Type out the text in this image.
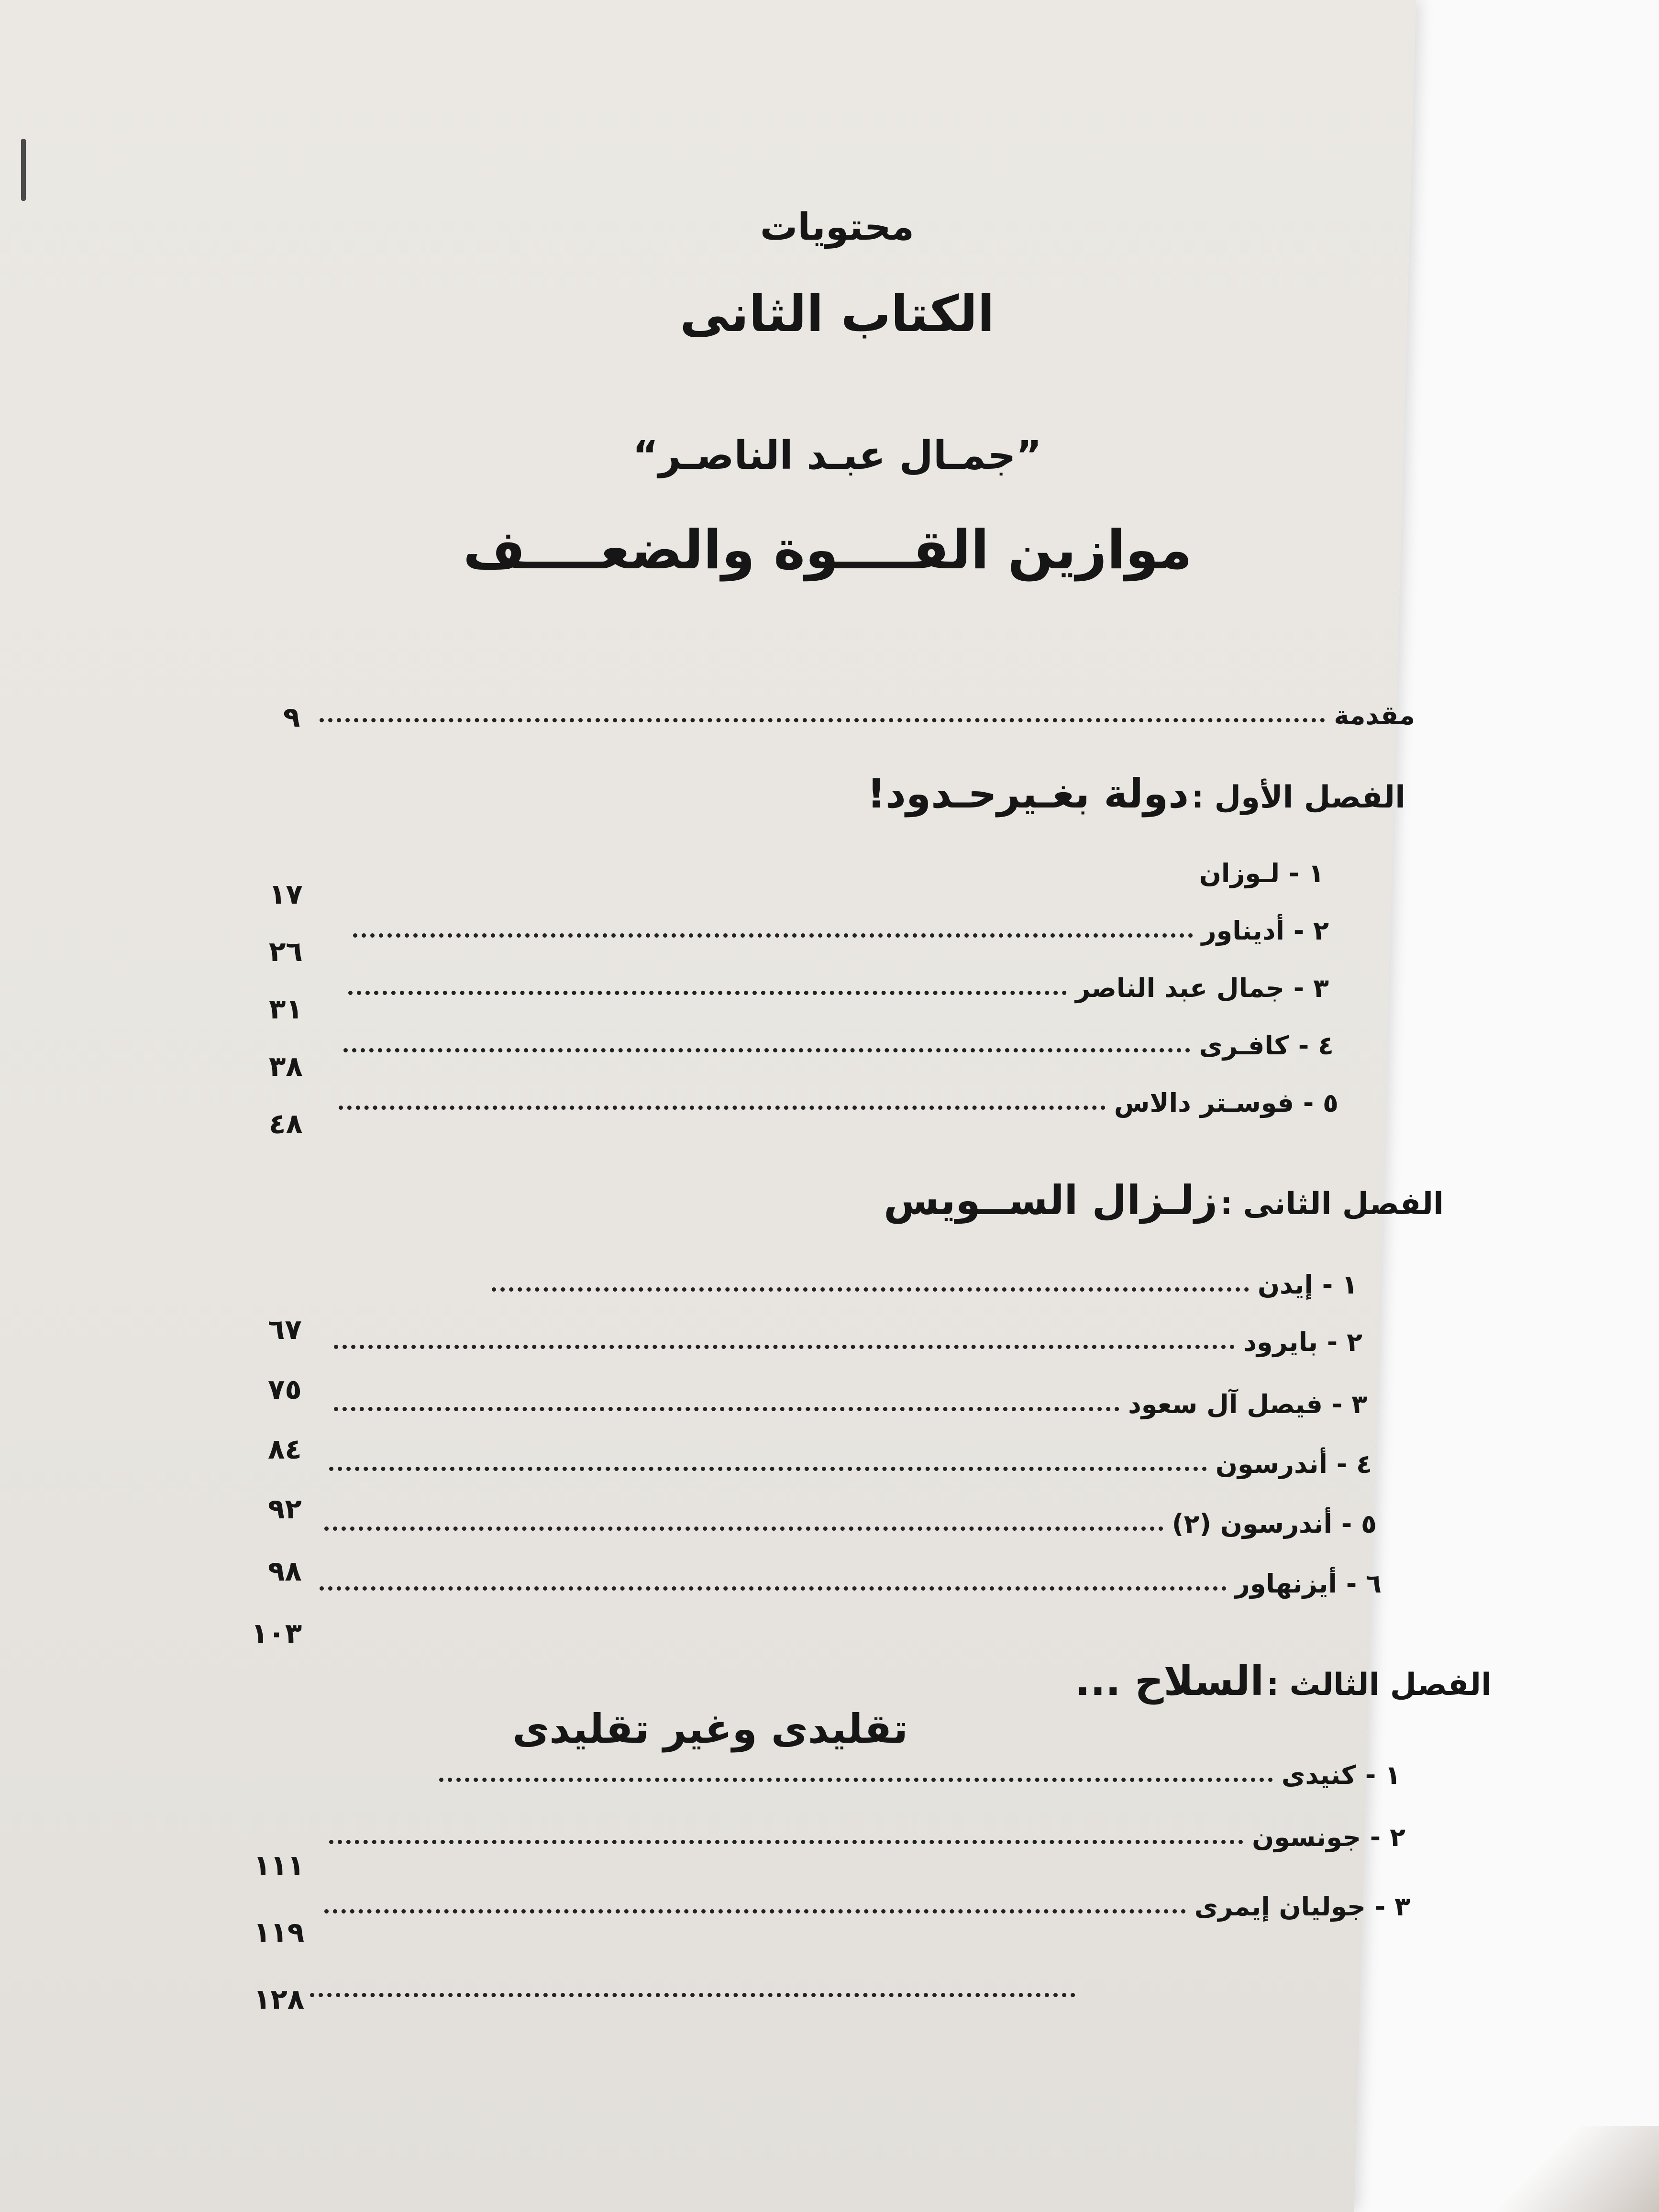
محتويات
الكتاب الثانى
”جمـال عبـد الناصـر“
موازين القــــوة والضعــــف
مقدمة
٩
الفصل الأول : دولة بغـيرحـدود!
١ - لـوزان
٢ - أديناور
٣ - جمال عبد الناصر
٤ - كافـرى
٥ - فوسـتر دالاس
١٧
٢٦
٣١
٣٨
٤٨
الفصل الثانى : زلـزال الســويس
١ - إيدن
٢ - بايرود
٣ - فيصل آل سعود
٤ - أندرسون
٥ - أندرسون (٢)
٦ - أيزنهاور
٦٧
٧٥
٨٤
٩٢
٩٨
١٠٣
الفصل الثالث : السلاح ...
تقليدى وغير تقليدى
١ - كنيدى
٢ - جونسون
٣ - جوليان إيمرى
١١١
١١٩
١٢٨
